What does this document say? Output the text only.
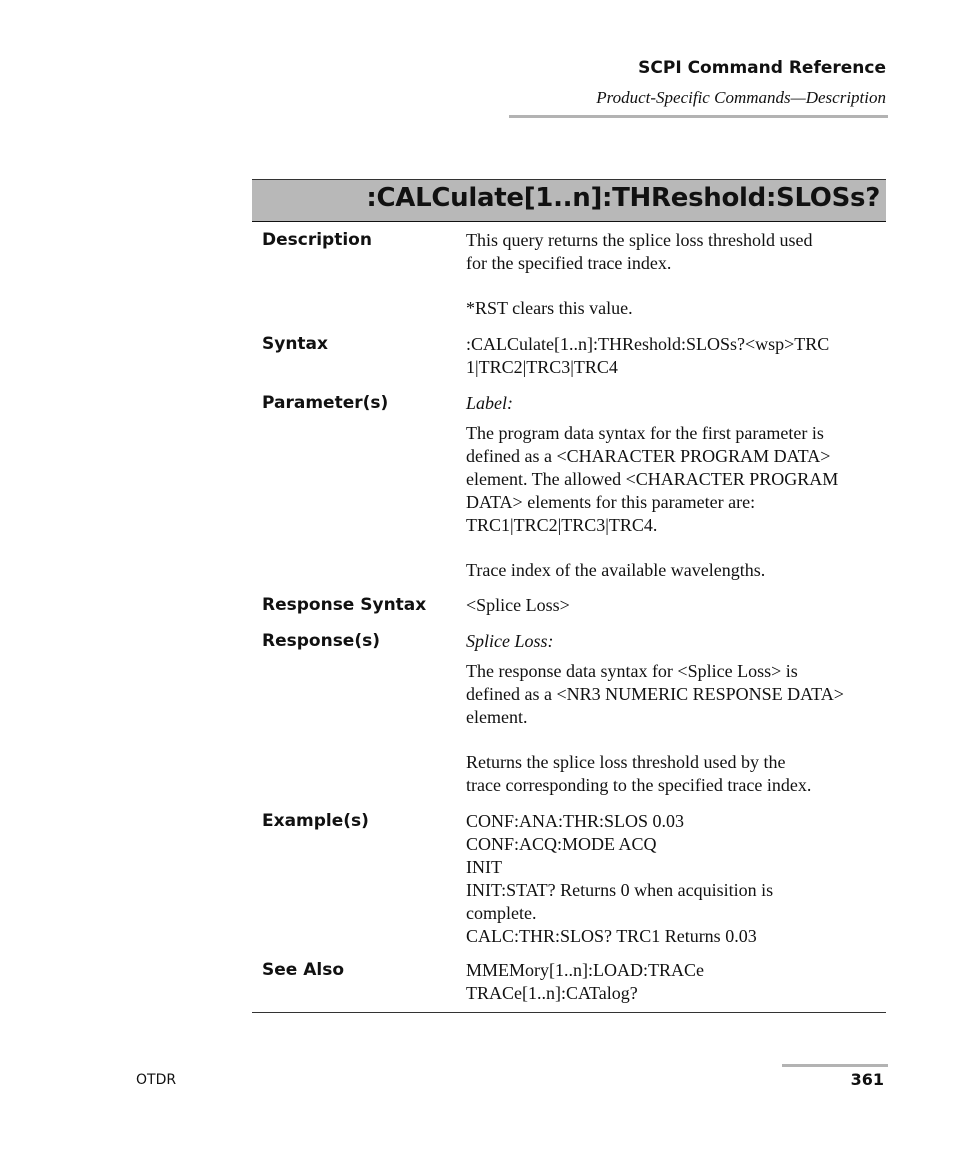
SCPI Command Reference
Product-Specific Commands—Description
:CALCulate[1..n]:THReshold:SLOSs?
Description	This query returns the splice loss threshold used

for the specified trace index.

*RST clears this value.

Syntax	:CALCulate[1..n]:THReshold:SLOSs?<wsp>TRC

1|TRC2|TRC3|TRC4

Parameter(s)	Label:

The program data syntax for the first parameter is

defined as a <CHARACTER PROGRAM DATA>

element. The allowed <CHARACTER PROGRAM

DATA> elements for this parameter are:

TRC1|TRC2|TRC3|TRC4.

Trace index of the available wavelengths.

Response Syntax <Splice Loss>

Response(s)	Splice Loss:

The response data syntax for <Splice Loss> is

defined as a <NR3 NUMERIC RESPONSE DATA>

element.

Returns the splice loss threshold used by the

trace corresponding to the specified trace index.

Example(s)	CONF:ANA:THR:SLOS 0.03

CONF:ACQ:MODE ACQ

INIT

INIT:STAT? Returns 0 when acquisition is

complete.

CALC:THR:SLOS? TRC1 Returns 0.03

See Also	MMEMory[1..n]:LOAD:TRACe

TRACe[1..n]:CATalog?

OTDR	361
